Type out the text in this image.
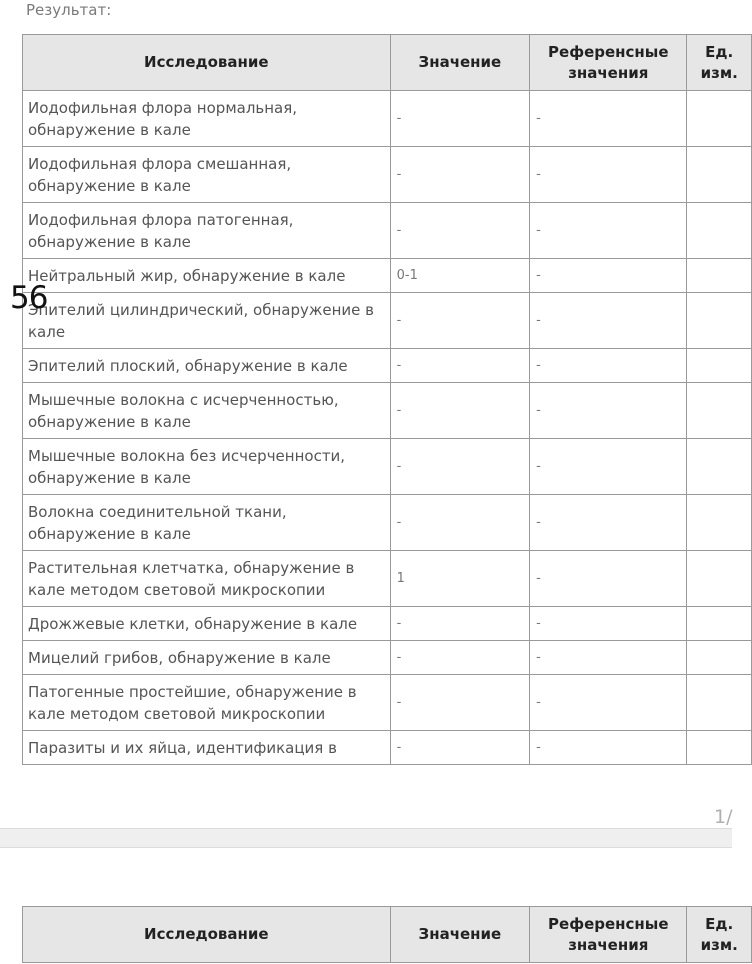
Результат:
Исследование	Значение	Референсные значения	Ед. изм.
Иодофильная флора нормальная, обнаружение в кале	-	-	
Иодофильная флора смешанная, обнаружение в кале	-	-	
Иодофильная флора патогенная, обнаружение в кале	-	-	
Нейтральный жир, обнаружение в кале	0-1	-	
Эпителий цилиндрический, обнаружение в кале	-	-	
Эпителий плоский, обнаружение в кале	-	-	
Мышечные волокна с исчерченностью, обнаружение в кале	-	-	
Мышечные волокна без исчерченности, обнаружение в кале	-	-	
Волокна соединительной ткани, обнаружение в кале	-	-	
Растительная клетчатка, обнаружение в кале методом световой микроскопии	1	-	
Дрожжевые клетки, обнаружение в кале	-	-	
Мицелий грибов, обнаружение в кале	-	-	
Патогенные простейшие, обнаружение в кале методом световой микроскопии	-	-	
Паразиты и их яйца, идентификация в	-	-	
56
1/
Исследование	Значение	Референсные значения	Ед. изм.
